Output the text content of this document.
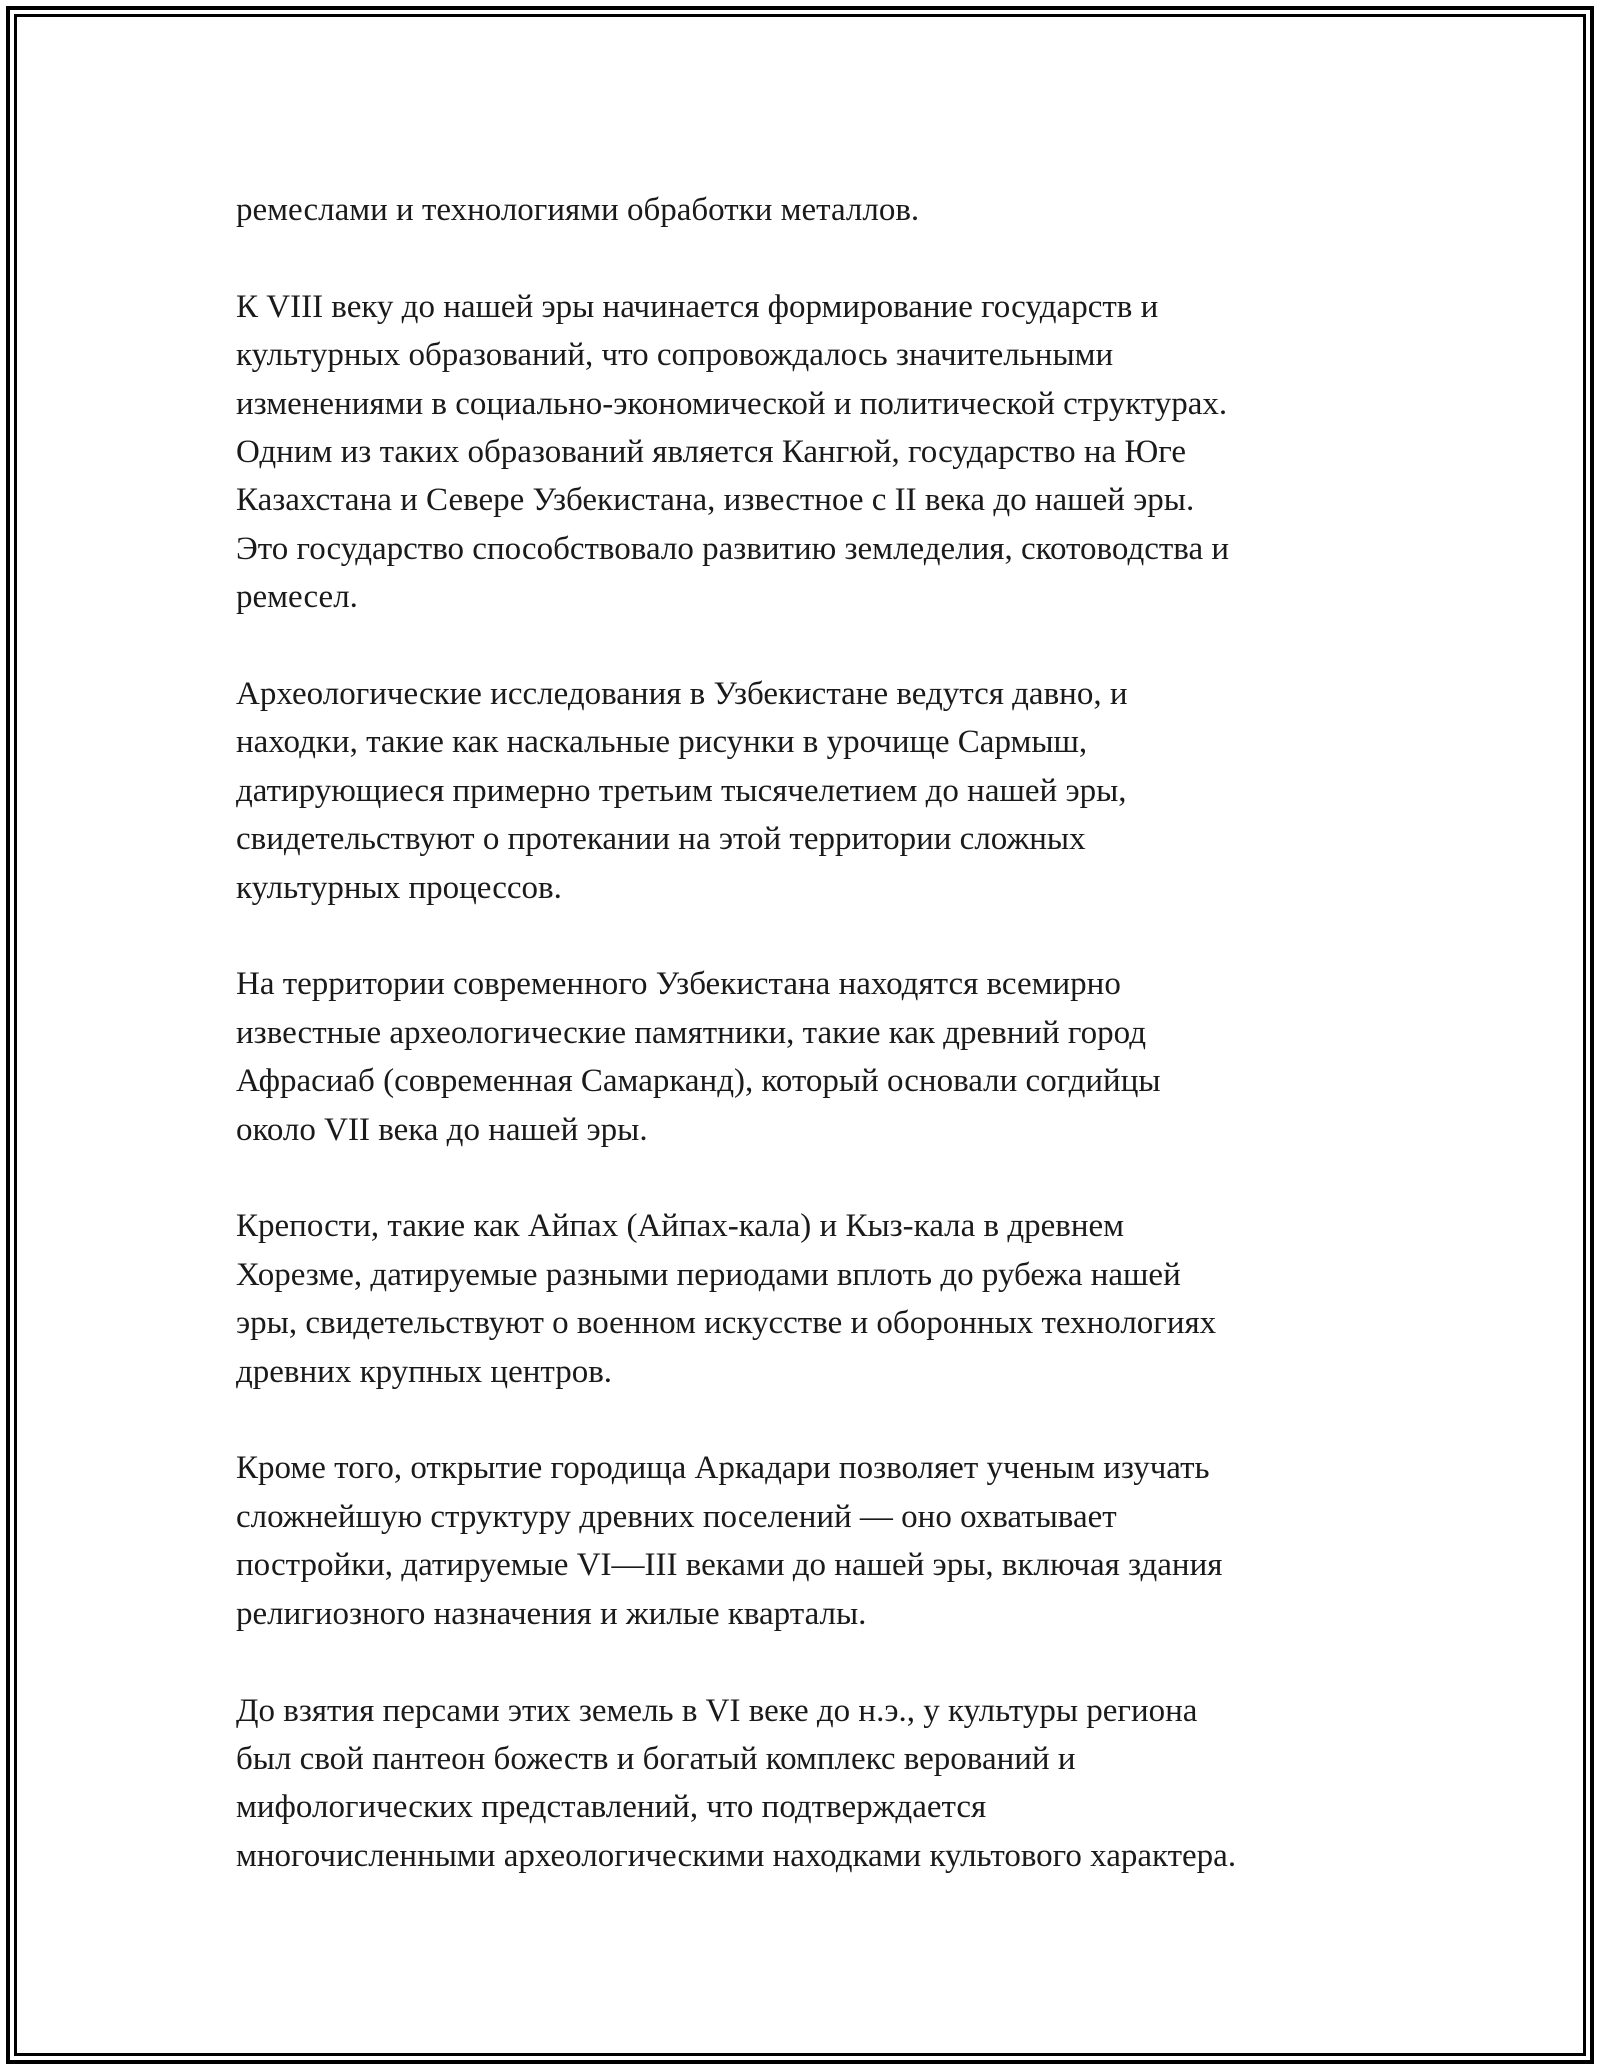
ремеслами и технологиями обработки металлов.

К VIII веку до нашей эры начинается формирование государств и
культурных образований, что сопровождалось значительными
изменениями в социально-экономической и политической структурах.
Одним из таких образований является Кангюй, государство на Юге
Казахстана и Севере Узбекистана, известное с II века до нашей эры.
Это государство способствовало развитию земледелия, скотоводства и
ремесел.

Археологические исследования в Узбекистане ведутся давно, и
находки, такие как наскальные рисунки в урочище Сармыш,
датирующиеся примерно третьим тысячелетием до нашей эры,
свидетельствуют о протекании на этой территории сложных
культурных процессов.

На территории современного Узбекистана находятся всемирно
известные археологические памятники, такие как древний город
Афрасиаб (современная Самарканд), который основали согдийцы
около VII века до нашей эры.

Крепости, такие как Айпах (Айпах-кала) и Кыз-кала в древнем
Хорезме, датируемые разными периодами вплоть до рубежа нашей
эры, свидетельствуют о военном искусстве и оборонных технологиях
древних крупных центров.

Кроме того, открытие городища Аркадари позволяет ученым изучать
сложнейшую структуру древних поселений — оно охватывает
постройки, датируемые VI—III веками до нашей эры, включая здания
религиозного назначения и жилые кварталы.

До взятия персами этих земель в VI веке до н.э., у культуры региона
был свой пантеон божеств и богатый комплекс верований и
мифологических представлений, что подтверждается
многочисленными археологическими находками культового характера.
